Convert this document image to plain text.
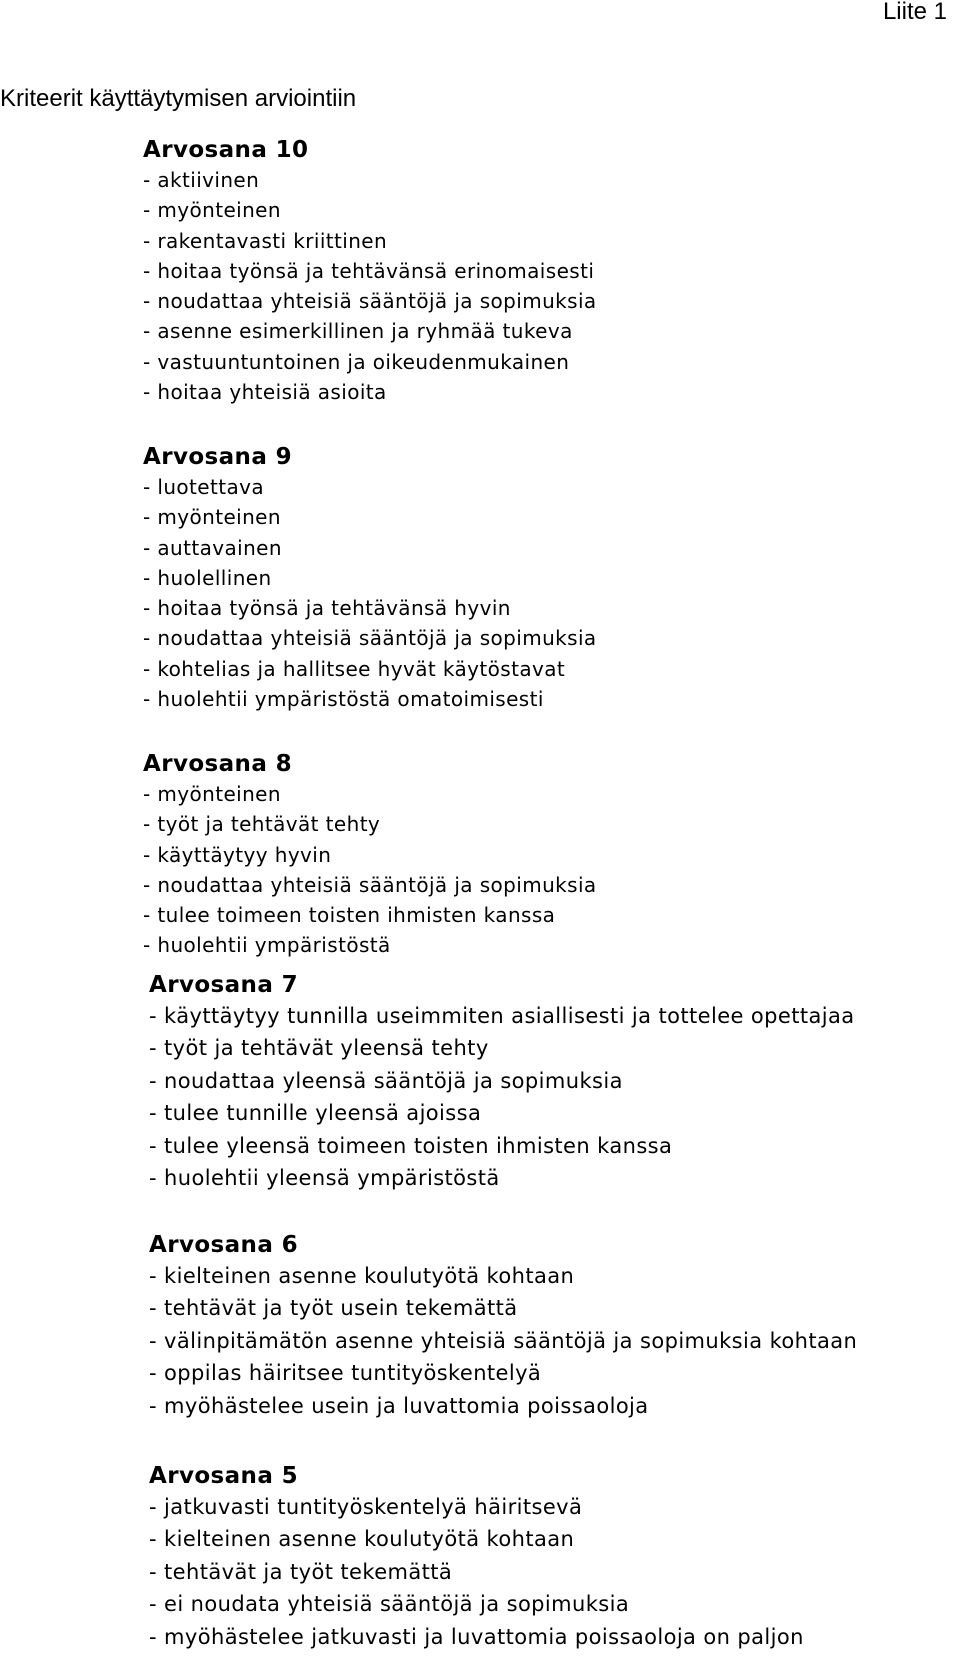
Liite 1
Kriteerit käyttäytymisen arviointiin
Arvosana 10
- aktiivinen
- myönteinen
- rakentavasti kriittinen
- hoitaa työnsä ja tehtävänsä erinomaisesti
- noudattaa yhteisiä sääntöjä ja sopimuksia
- asenne esimerkillinen ja ryhmää tukeva
- vastuuntuntoinen ja oikeudenmukainen
- hoitaa yhteisiä asioita
Arvosana 9
- luotettava
- myönteinen
- auttavainen
- huolellinen
- hoitaa työnsä ja tehtävänsä hyvin
- noudattaa yhteisiä sääntöjä ja sopimuksia
- kohtelias ja hallitsee hyvät käytöstavat
- huolehtii ympäristöstä omatoimisesti
Arvosana 8
- myönteinen
- työt ja tehtävät tehty
- käyttäytyy hyvin
- noudattaa yhteisiä sääntöjä ja sopimuksia
- tulee toimeen toisten ihmisten kanssa
- huolehtii ympäristöstä
Arvosana 7
- käyttäytyy tunnilla useimmiten asiallisesti ja tottelee opettajaa
- työt ja tehtävät yleensä tehty
- noudattaa yleensä sääntöjä ja sopimuksia
- tulee tunnille yleensä ajoissa
- tulee yleensä toimeen toisten ihmisten kanssa
- huolehtii yleensä ympäristöstä
Arvosana 6
- kielteinen asenne koulutyötä kohtaan
- tehtävät ja työt usein tekemättä
- välinpitämätön asenne yhteisiä sääntöjä ja sopimuksia kohtaan
- oppilas häiritsee tuntityöskentelyä
- myöhästelee usein ja luvattomia poissaoloja
Arvosana 5
- jatkuvasti tuntityöskentelyä häiritsevä
- kielteinen asenne koulutyötä kohtaan
- tehtävät ja työt tekemättä
- ei noudata yhteisiä sääntöjä ja sopimuksia
- myöhästelee jatkuvasti ja luvattomia poissaoloja on paljon
